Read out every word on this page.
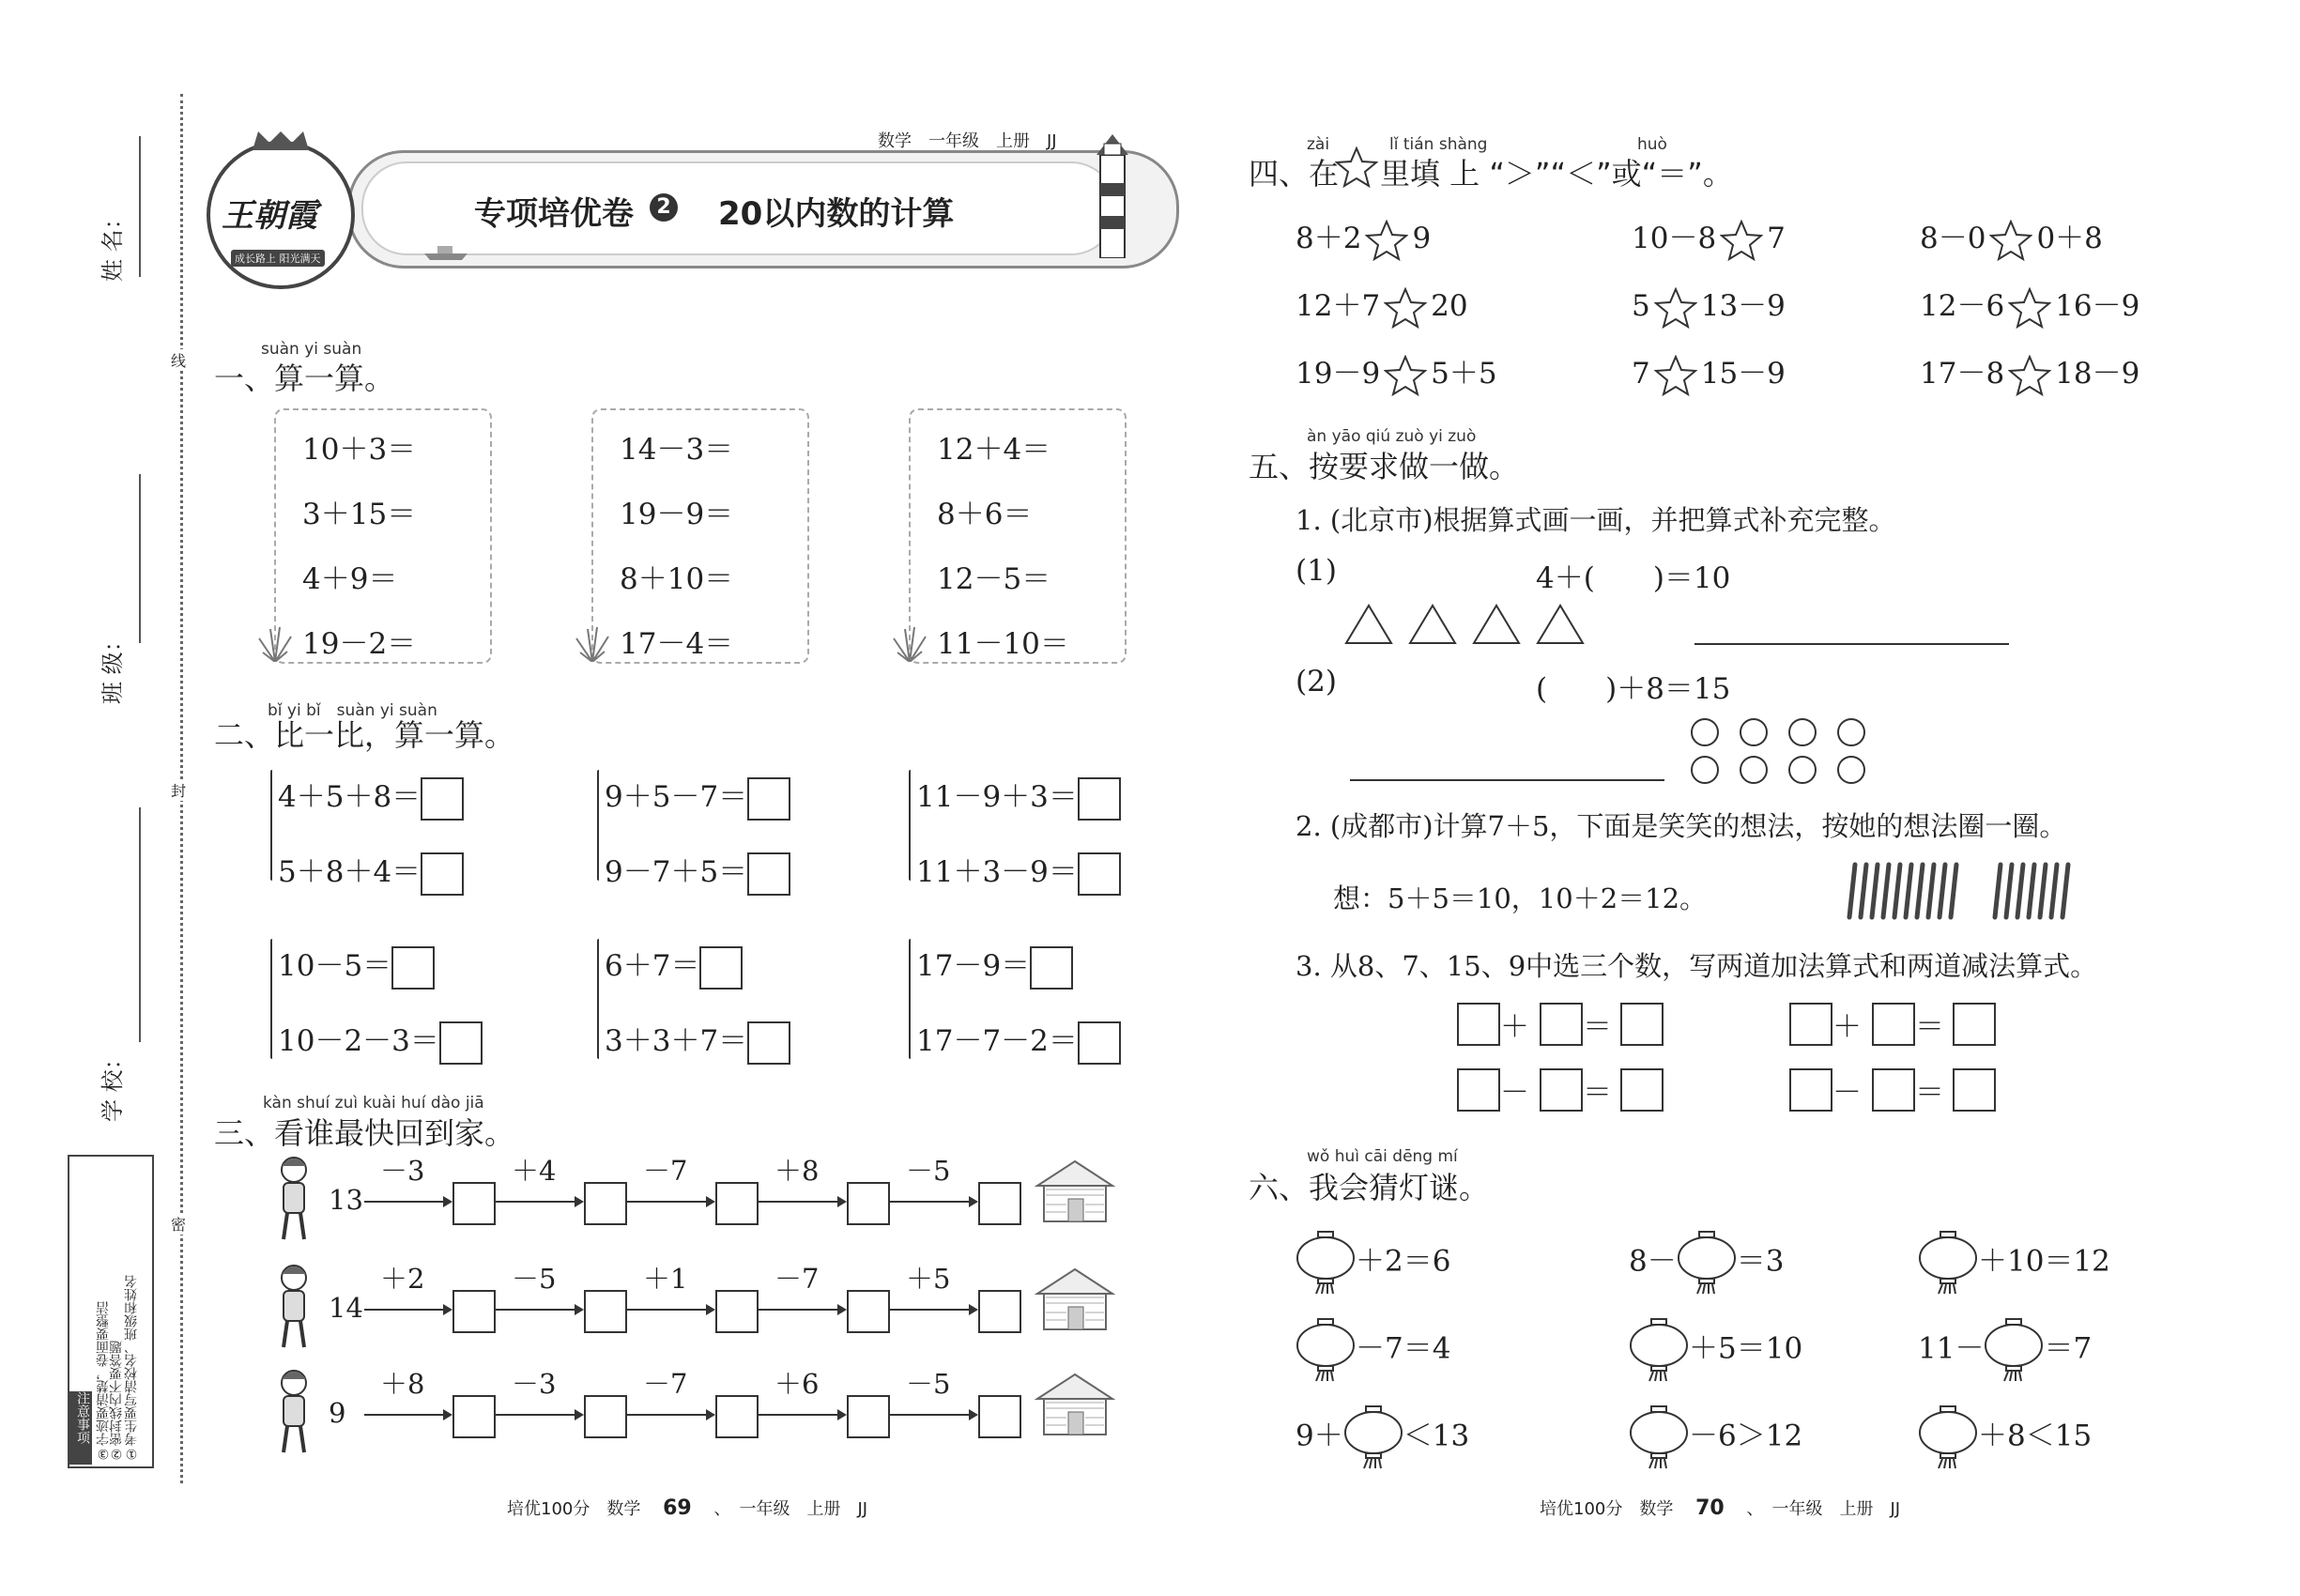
姓 名：
班 级：
学 校：
线
封
密
注意事项	①考生要写清校名、班级和姓名
②密封线内不要答题
③字迹要清楚，卷面要整洁
王朝霞
成长路上 阳光满天
数学　一年级　上册　JJ
专项培优卷	2 20以内数的计算
suàn yi suàn
一、算一算。
10＋3＝
3＋15＝
4＋9＝
19－2＝
14－3＝
19－9＝
8＋10＝
17－4＝
12＋4＝
8＋6＝
12－5＝
11－10＝
bǐ yi bǐ　suàn yi suàn
二、比一比，算一算。
4＋5＋8＝
5＋8＋4＝
9＋5－7＝
9－7＋5＝
11－9＋3＝
11＋3－9＝
10－5＝
10－2－3＝
6＋7＝
3＋3＋7＝
17－9＝
17－7－2＝
kàn shuí zuì kuài huí dào jiā
三、看谁最快回到家。
13
－3	＋4	－7	＋8	－5
14
＋2	－5	＋1	－7	＋5
9
＋8	－3	－7	＋6	－5
zài	lǐ tián shàng	huò
四、在 里填 上 “＞”“＜”或“＝”。
8＋2 9	10－8 7	8－0 0＋8
12＋7 20	5 13－9	12－6 16－9
19－9 5＋5	7 15－9	17－8 18－9
àn yāo qiú zuò yi zuò
五、按要求做一做。
1. (北京市)根据算式画一画，并把算式补充完整。
(1)	4＋(　　)＝10
(2)	(　　)＋8＝15
2. (成都市)计算7＋5，下面是笑笑的想法，按她的想法圈一圈。
想：5＋5＝10，10＋2＝12。
3. 从8、7、15、9中选三个数，写两道加法算式和两道减法算式。
＋ ＝	＋ ＝
－ ＝	－ ＝
wǒ huì cāi dēng mí
六、我会猜灯谜。
＋2＝6	8－ ＝3	＋10＝12
－7＝4	＋5＝10	11－ ＝7
9＋ ＜13	－6＞12	＋8＜15
培优100分　数学 69 、　一年级　上册　JJ	培优100分　数学 70 、　一年级　上册　JJ
